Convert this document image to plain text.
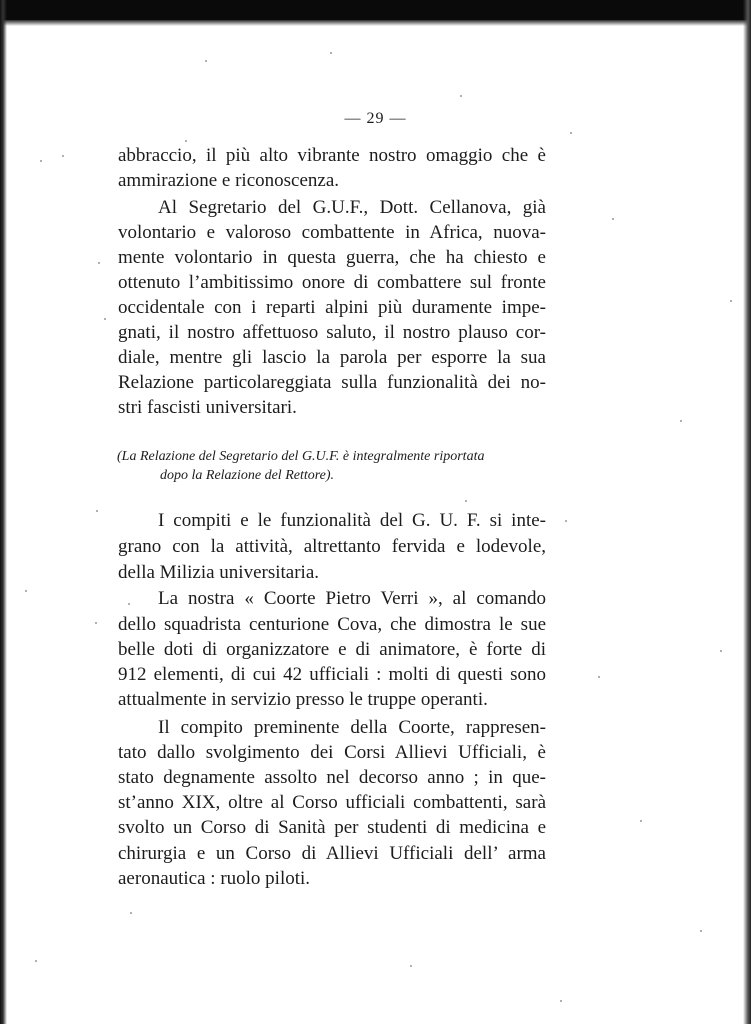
— 29 —
abbraccio, il più alto vibrante nostro omaggio che è
ammirazione e riconoscenza.
Al Segretario del G.U.F., Dott. Cellanova, già
volontario e valoroso combattente in Africa, nuova-
mente volontario in questa guerra, che ha chiesto e
ottenuto l’ambitissimo onore di combattere sul fronte
occidentale con i reparti alpini più duramente impe-
gnati, il nostro affettuoso saluto, il nostro plauso cor-
diale, mentre gli lascio la parola per esporre la sua
Relazione particolareggiata sulla funzionalità dei no-
stri fascisti universitari.
(La Relazione del Segretario del G.U.F. è integralmente riportata
dopo la Relazione del Rettore).
I compiti e le funzionalità del G. U. F. si inte-
grano con la attività, altrettanto fervida e lodevole,
della Milizia universitaria.
La nostra « Coorte Pietro Verri », al comando
dello squadrista centurione Cova, che dimostra le sue
belle doti di organizzatore e di animatore, è forte di
912 elementi, di cui 42 ufficiali : molti di questi sono
attualmente in servizio presso le truppe operanti.
Il compito preminente della Coorte, rappresen-
tato dallo svolgimento dei Corsi Allievi Ufficiali, è
stato degnamente assolto nel decorso anno ; in que-
st’anno XIX, oltre al Corso ufficiali combattenti, sarà
svolto un Corso di Sanità per studenti di medicina e
chirurgia e un Corso di Allievi Ufficiali dell’ arma
aeronautica : ruolo piloti.
